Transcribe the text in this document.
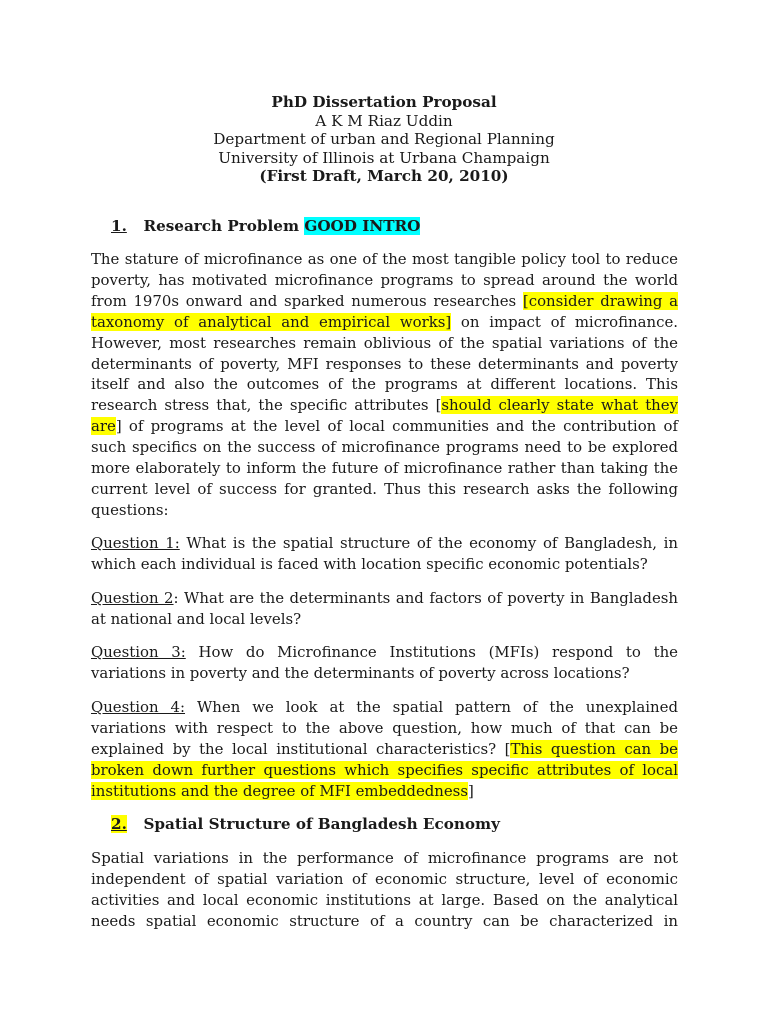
PhD Dissertation Proposal
A K M Riaz Uddin
Department of urban and Regional Planning
University of Illinois at Urbana Champaign
(First Draft, March 20, 2010)
1. Research Problem GOOD INTRO
The stature of microfinance as one of the most tangible policy tool to reduce
poverty, has motivated microfinance programs to spread around the world
from 1970s onward and sparked numerous researches [consider drawing a
taxonomy of analytical and empirical works] on impact of microfinance.
However, most researches remain oblivious of the spatial variations of the
determinants of poverty, MFI responses to these determinants and poverty
itself and also the outcomes of the programs at different locations. This
research stress that, the specific attributes [should clearly state what they
are] of programs at the level of local communities and the contribution of
such specifics on the success of microfinance programs need to be explored
more elaborately to inform the future of microfinance rather than taking the
current level of success for granted. Thus this research asks the following
questions:
Question 1: What is the spatial structure of the economy of Bangladesh, in
which each individual is faced with location specific economic potentials?
Question 2: What are the determinants and factors of poverty in Bangladesh
at national and local levels?
Question 3: How do Microfinance Institutions (MFIs) respond to the
variations in poverty and the determinants of poverty across locations?
Question 4: When we look at the spatial pattern of the unexplained
variations with respect to the above question, how much of that can be
explained by the local institutional characteristics? [This question can be
broken down further questions which specifies specific attributes of local
institutions and the degree of MFI embeddedness]
2. Spatial Structure of Bangladesh Economy
Spatial variations in the performance of microfinance programs are not
independent of spatial variation of economic structure, level of economic
activities and local economic institutions at large. Based on the analytical
needs spatial economic structure of a country can be characterized in
